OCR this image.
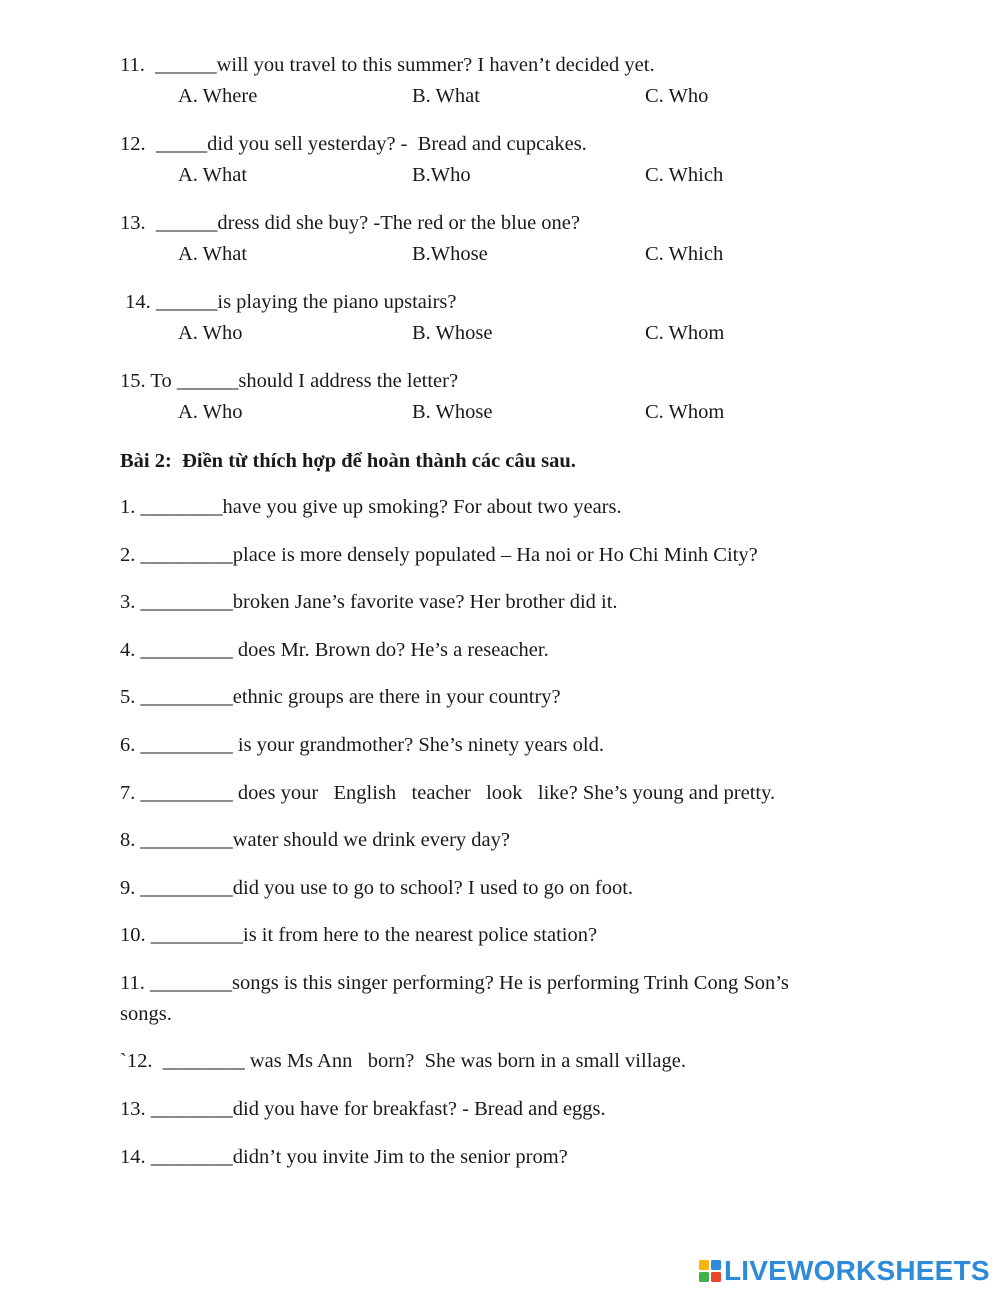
11.  ______will you travel to this summer? I haven’t decided yet.
A. Where	B. What	C. Who
12.  _____did you sell yesterday? -  Bread and cupcakes.
A. What	B.Who	C. Which
13.  ______dress did she buy? -The red or the blue one?
A. What	B.Whose	C. Which
14. ______is playing the piano upstairs?
A. Who	B. Whose	C. Whom
15. To ______should I address the letter?
A. Who	B. Whose	C. Whom
Bài 2:  Điền từ thích hợp để hoàn thành các câu sau.
1. ________have you give up smoking? For about two years.
2. _________place is more densely populated – Ha noi or Ho Chi Minh City?
3. _________broken Jane’s favorite vase? Her brother did it.
4. _________ does Mr. Brown do? He’s a reseacher.
5. _________ethnic groups are there in your country?
6. _________ is your grandmother? She’s ninety years old.
7. _________ does your   English   teacher   look   like? She’s young and pretty.
8. _________water should we drink every day?
9. _________did you use to go to school? I used to go on foot.
10. _________is it from here to the nearest police station?
11. ________songs is this singer performing? He is performing Trinh Cong Son’s
songs.
`12.  ________ was Ms Ann   born?  She was born in a small village.
13. ________did you have for breakfast? - Bread and eggs.
14. ________didn’t you invite Jim to the senior prom?
LIVEWORKSHEETS
